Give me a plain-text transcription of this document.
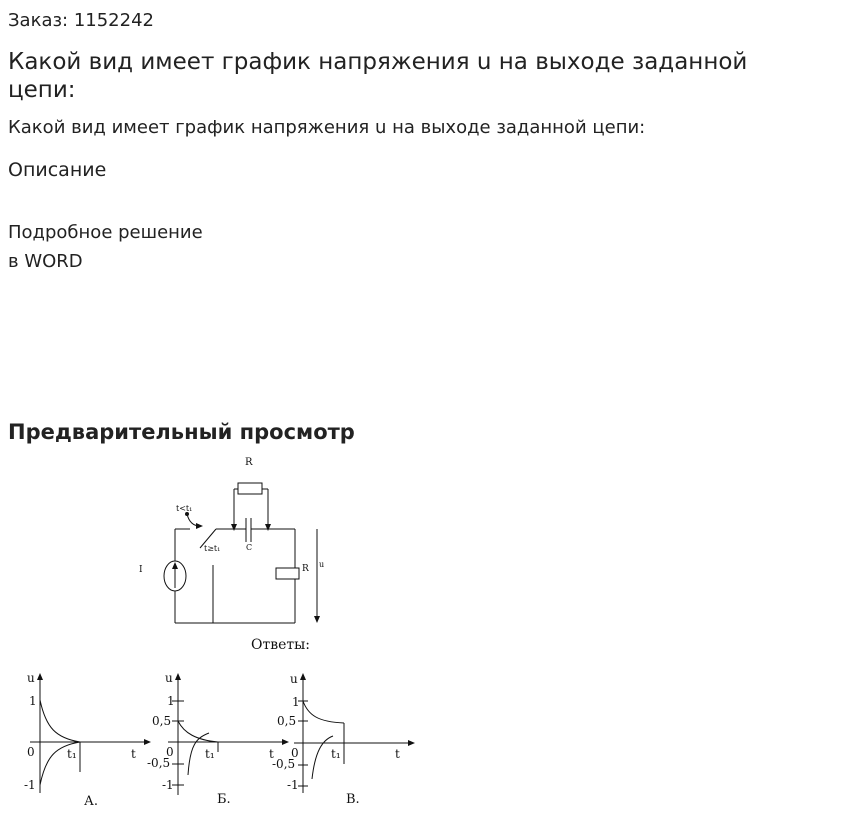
Заказ: 1152242
Какой вид имеет график напряжения u на выходе заданной цепи:
Какой вид имеет график напряжения u на выходе заданной цепи:
Описание
Подробное решение
в WORD
Предварительный просмотр
R
t<t₁
t≥t₁	C
I	R u
Ответы:
u
1
0
-1
t₁	t
А.
u
1
0,5
0
-0,5
-1
t₁	t
Б.
u
1
0,5
0
-0,5
-1
t₁	t
В.
